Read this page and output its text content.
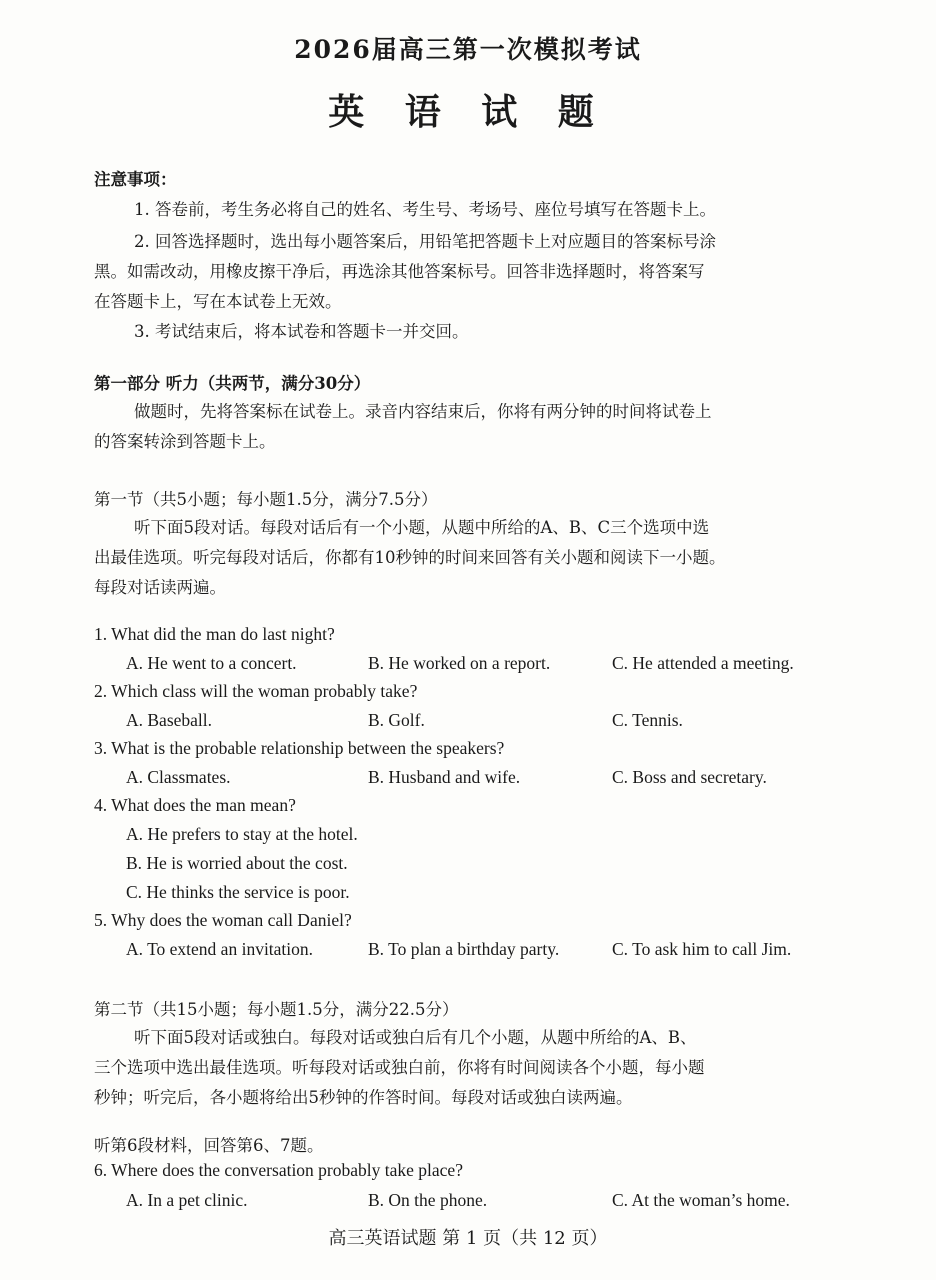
2026届高三第一次模拟考试
英 语 试 题
注意事项：
1. 答卷前，考生务必将自己的姓名、考生号、考场号、座位号填写在答题卡上。
2. 回答选择题时，选出每小题答案后，用铅笔把答题卡上对应题目的答案标号涂
黑。如需改动，用橡皮擦干净后，再选涂其他答案标号。回答非选择题时，将答案写
在答题卡上，写在本试卷上无效。
3. 考试结束后，将本试卷和答题卡一并交回。
第一部分 听力（共两节，满分30分）
做题时，先将答案标在试卷上。录音内容结束后，你将有两分钟的时间将试卷上
的答案转涂到答题卡上。
第一节（共5小题；每小题1.5分，满分7.5分）
听下面5段对话。每段对话后有一个小题，从题中所给的A、B、C三个选项中选
出最佳选项。听完每段对话后，你都有10秒钟的时间来回答有关小题和阅读下一小题。
每段对话读两遍。
1. What did the man do last night?
A. He went to a concert.	B. He worked on a report.	C. He attended a meeting.
2. Which class will the woman probably take?
A. Baseball.	B. Golf.	C. Tennis.
3. What is the probable relationship between the speakers?
A. Classmates.	B. Husband and wife.	C. Boss and secretary.
4. What does the man mean?
A. He prefers to stay at the hotel.
B. He is worried about the cost.
C. He thinks the service is poor.
5. Why does the woman call Daniel?
A. To extend an invitation.	B. To plan a birthday party.	C. To ask him to call Jim.
第二节（共15小题；每小题1.5分，满分22.5分）
听下面5段对话或独白。每段对话或独白后有几个小题，从题中所给的A、B、
三个选项中选出最佳选项。听每段对话或独白前，你将有时间阅读各个小题，每小题
秒钟；听完后，各小题将给出5秒钟的作答时间。每段对话或独白读两遍。
听第6段材料，回答第6、7题。
6. Where does the conversation probably take place?
A. In a pet clinic.	B. On the phone.	C. At the woman’s home.
高三英语试题 第 1 页（共 12 页）
